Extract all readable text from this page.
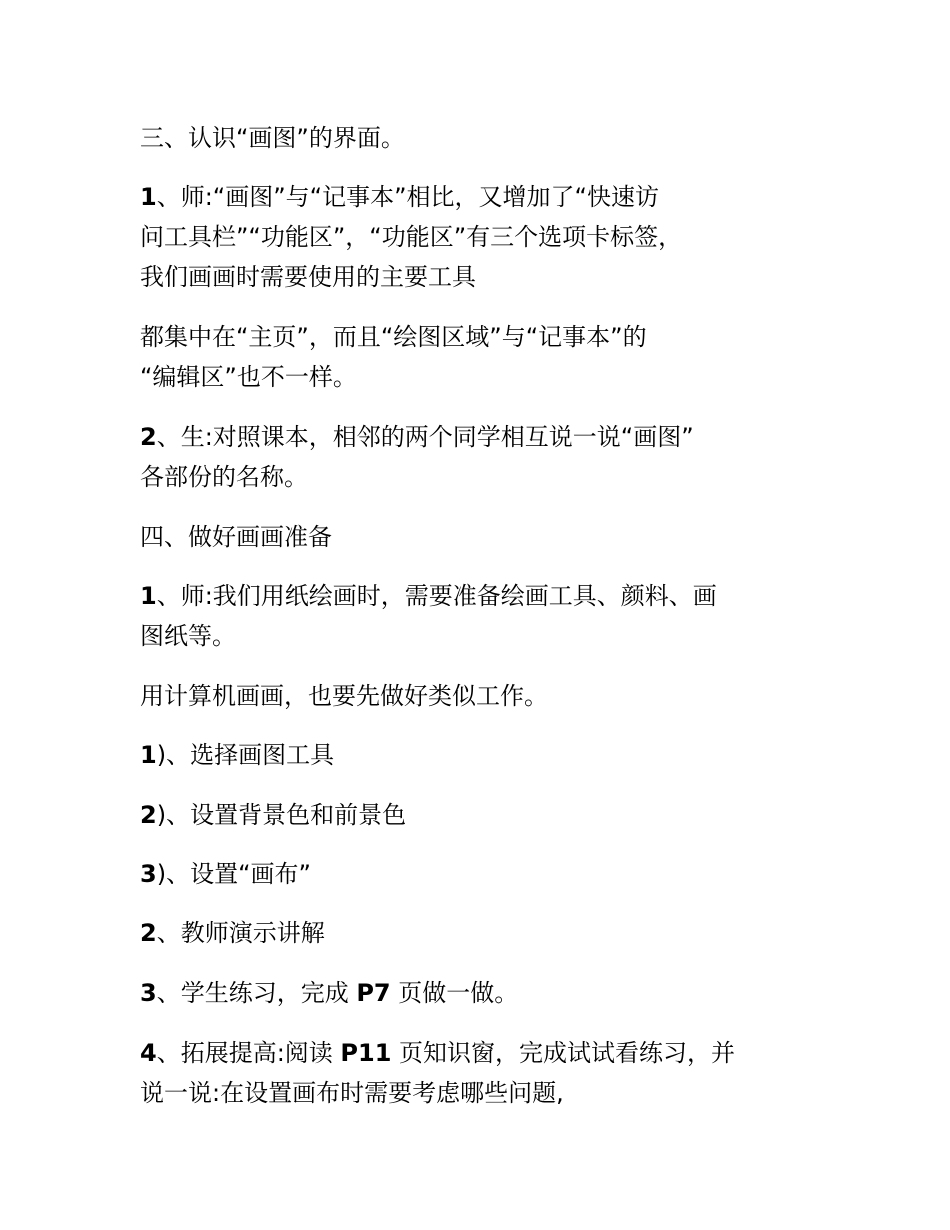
三、认识“画图”的界面。

1、师:“画图”与“记事本”相比，又增加了“快速访
问工具栏”“功能区”，“功能区”有三个选项卡标签，
我们画画时需要使用的主要工具

都集中在“主页”，而且“绘图区域”与“记事本”的
“编辑区”也不一样。

2、生:对照课本，相邻的两个同学相互说一说“画图”
各部份的名称。

四、做好画画准备

1、师:我们用纸绘画时，需要准备绘画工具、颜料、画
图纸等。

用计算机画画，也要先做好类似工作。

1)、选择画图工具

2)、设置背景色和前景色

3)、设置“画布”

2、教师演示讲解

3、学生练习，完成 P7 页做一做。

4、拓展提高:阅读 P11 页知识窗，完成试试看练习，并
说一说:在设置画布时需要考虑哪些问题,
